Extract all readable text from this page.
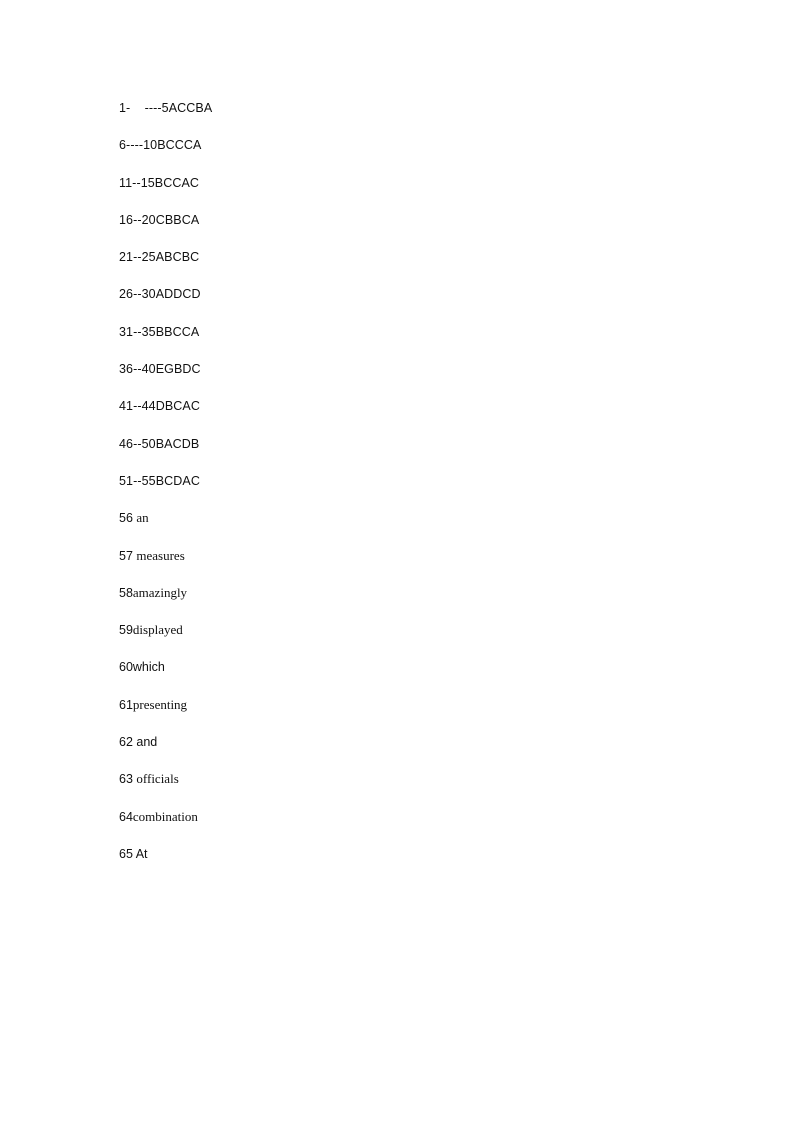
1-    ----5ACCBA
6----10BCCCA
11--15BCCAC
16--20CBBCA
21--25ABCBC
26--30ADDCD
31--35BBCCA
36--40EGBDC
41--44DBCAC
46--50BACDB
51--55BCDAC
56 an
57 measures
58amazingly
59displayed
60which
61presenting
62 and
63 officials
64combination
65 At
